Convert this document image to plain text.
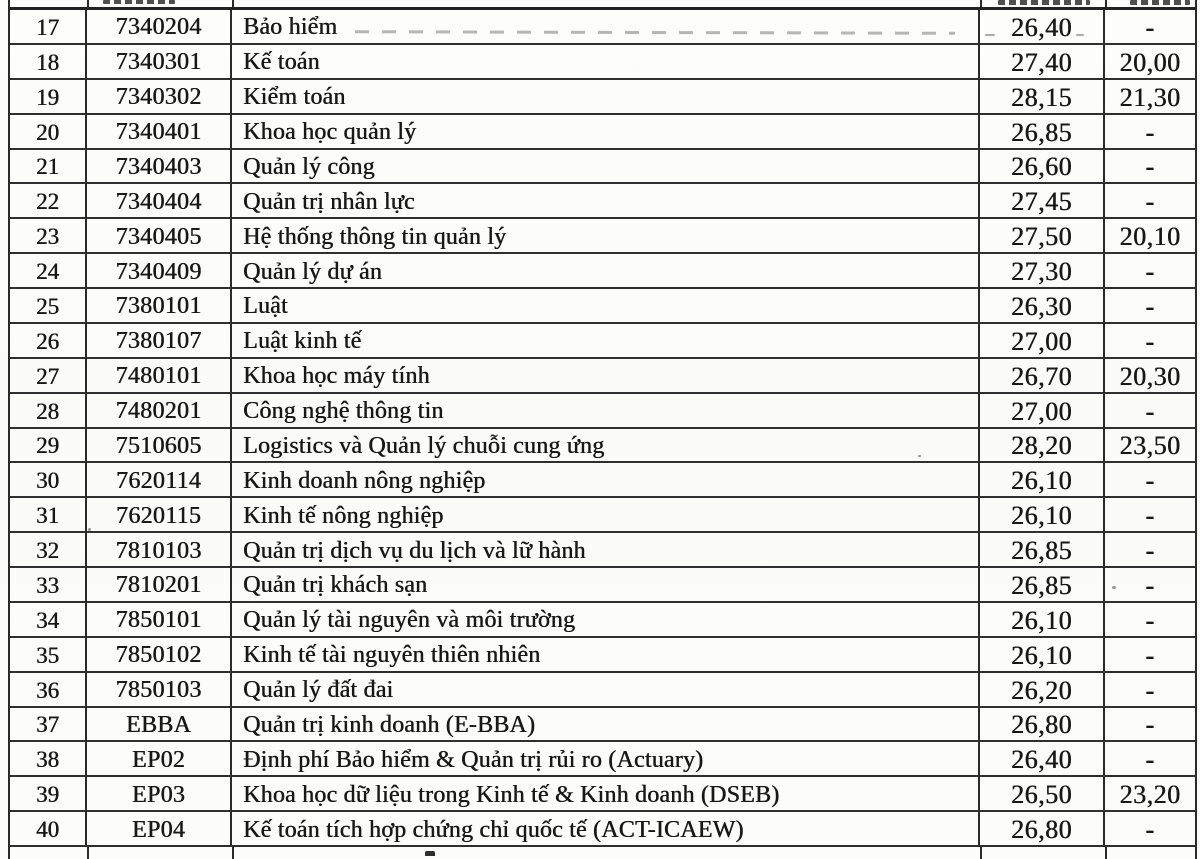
17	7340204	Bảo hiểm	26,40	-
18	7340301	Kế toán	27,40	20,00
19	7340302	Kiểm toán	28,15	21,30
20	7340401	Khoa học quản lý	26,85	-
21	7340403	Quản lý công	26,60	-
22	7340404	Quản trị nhân lực	27,45	-
23	7340405	Hệ thống thông tin quản lý	27,50	20,10
24	7340409	Quản lý dự án	27,30	-
25	7380101	Luật	26,30	-
26	7380107	Luật kinh tế	27,00	-
27	7480101	Khoa học máy tính	26,70	20,30
28	7480201	Công nghệ thông tin	27,00	-
29	7510605	Logistics và Quản lý chuỗi cung ứng	28,20	23,50
30	7620114	Kinh doanh nông nghiệp	26,10	-
31	7620115	Kinh tế nông nghiệp	26,10	-
32	7810103	Quản trị dịch vụ du lịch và lữ hành	26,85	-
33	7810201	Quản trị khách sạn	26,85	-
34	7850101	Quản lý tài nguyên và môi trường	26,10	-
35	7850102	Kinh tế tài nguyên thiên nhiên	26,10	-
36	7850103	Quản lý đất đai	26,20	-
37	EBBA	Quản trị kinh doanh (E-BBA)	26,80	-
38	EP02	Định phí Bảo hiểm & Quản trị rủi ro (Actuary)	26,40	-
39	EP03	Khoa học dữ liệu trong Kinh tế & Kinh doanh (DSEB)	26,50	23,20
40	EP04	Kế toán tích hợp chứng chỉ quốc tế (ACT-ICAEW)	26,80	-
